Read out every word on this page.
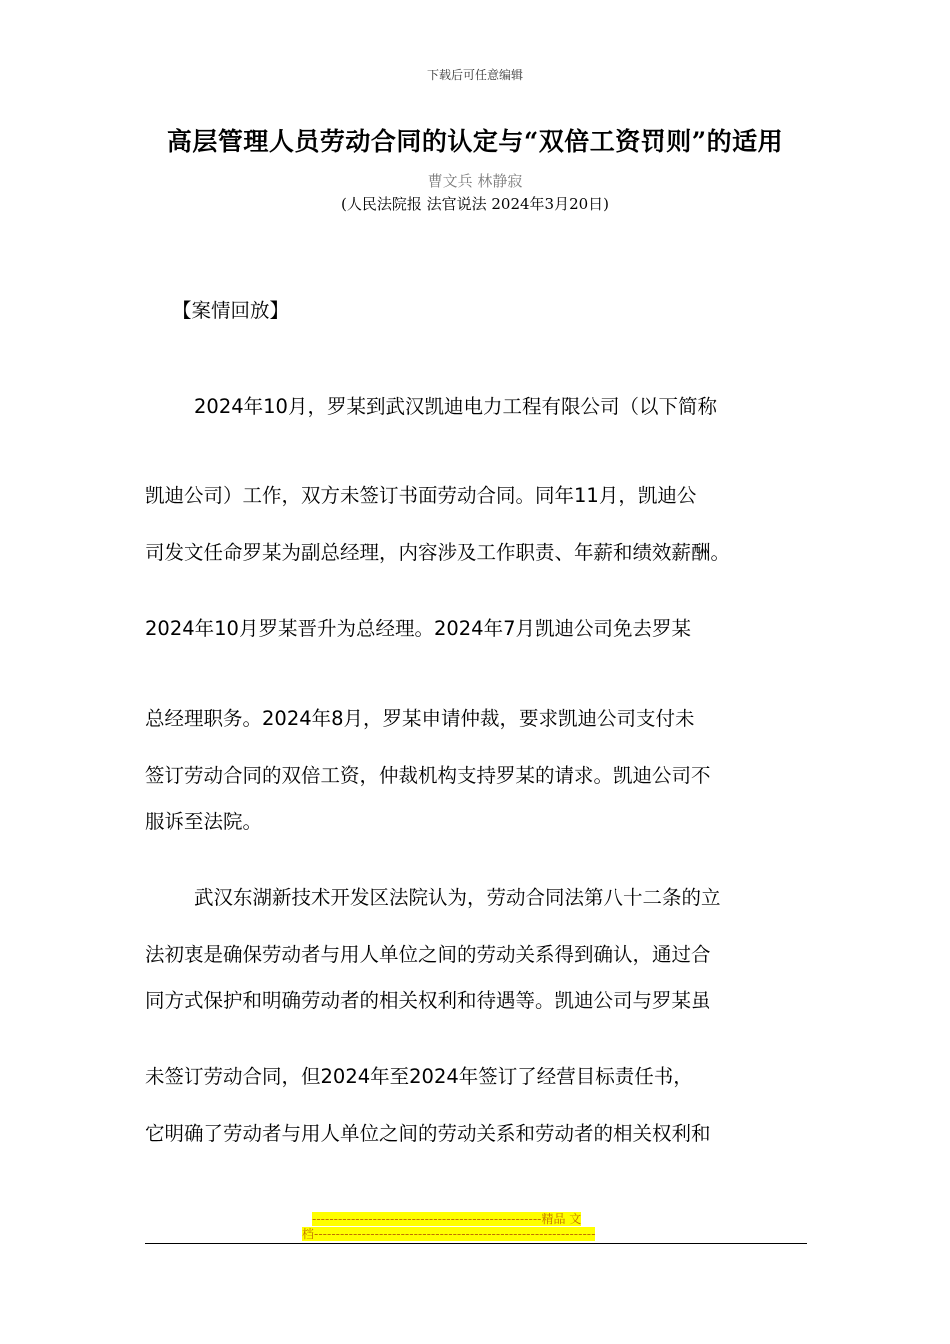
下载后可任意编辑
高层管理人员劳动合同的认定与“双倍工资罚则”的适用
曹文兵 林静寂
(人民法院报 法官说法 2024年3月20日)
【案情回放】
2024年10月，罗某到武汉凯迪电力工程有限公司（以下简称
凯迪公司）工作，双方未签订书面劳动合同。同年11月，凯迪公
司发文任命罗某为副总经理，内容涉及工作职责、年薪和绩效薪酬。
2024年10月罗某晋升为总经理。2024年7月凯迪公司免去罗某
总经理职务。2024年8月，罗某申请仲裁，要求凯迪公司支付未
签订劳动合同的双倍工资，仲裁机构支持罗某的请求。凯迪公司不
服诉至法院。
武汉东湖新技术开发区法院认为，劳动合同法第八十二条的立
法初衷是确保劳动者与用人单位之间的劳动关系得到确认，通过合
同方式保护和明确劳动者的相关权利和待遇等。凯迪公司与罗某虽
未签订劳动合同，但2024年至2024年签订了经营目标责任书，
它明确了劳动者与用人单位之间的劳动关系和劳动者的相关权利和
-----------------------------------------------------精品 文
档-----------------------------------------------------------------
